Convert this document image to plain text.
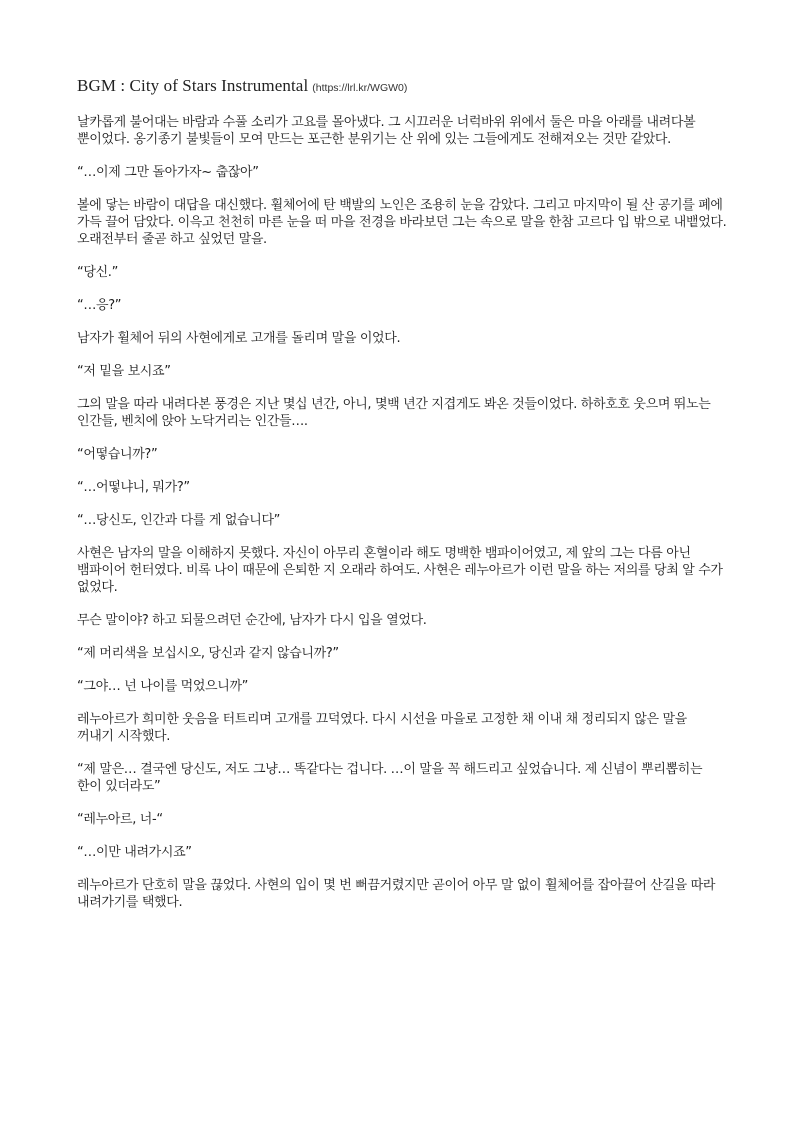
BGM : City of Stars Instrumental (https://lrl.kr/WGW0)

날카롭게 불어대는 바람과 수풀 소리가 고요를 몰아냈다. 그 시끄러운 너럭바위 위에서 둘은 마을 아래를 내려다볼 뿐이었다. 옹기종기 불빛들이 모여 만드는 포근한 분위기는 산 위에 있는 그들에게도 전해져오는 것만 같았다.

“…이제 그만 돌아가자~ 춥잖아”

볼에 닿는 바람이 대답을 대신했다. 휠체어에 탄 백발의 노인은 조용히 눈을 감았다. 그리고 마지막이 될 산 공기를 폐에 가득 끌어 담았다. 이윽고 천천히 마른 눈을 떠 마을 전경을 바라보던 그는 속으로 말을 한참 고르다 입 밖으로 내뱉었다. 오래전부터 줄곧 하고 싶었던 말을.

“당신.”

“…응?”

남자가 휠체어 뒤의 사현에게로 고개를 돌리며 말을 이었다.

“저 밑을 보시죠”

그의 말을 따라 내려다본 풍경은 지난 몇십 년간, 아니, 몇백 년간 지겹게도 봐온 것들이었다. 하하호호 웃으며 뛰노는 인간들, 벤치에 앉아 노닥거리는 인간들….

“어떻습니까?”

“…어떻냐니, 뭐가?”

“…당신도, 인간과 다를 게 없습니다”

사현은 남자의 말을 이해하지 못했다. 자신이 아무리 혼혈이라 해도 명백한 뱀파이어였고, 제 앞의 그는 다름 아닌 뱀파이어 헌터였다. 비록 나이 때문에 은퇴한 지 오래라 하여도. 사현은 레누아르가 이런 말을 하는 저의를 당최 알 수가 없었다.

무슨 말이야? 하고 되물으려던 순간에, 남자가 다시 입을 열었다.

“제 머리색을 보십시오, 당신과 같지 않습니까?”

“그야… 넌 나이를 먹었으니까”

레누아르가 희미한 웃음을 터트리며 고개를 끄덕였다. 다시 시선을 마을로 고정한 채 이내 채 정리되지 않은 말을 꺼내기 시작했다.

“제 말은… 결국엔 당신도, 저도 그냥… 똑같다는 겁니다. …이 말을 꼭 해드리고 싶었습니다. 제 신념이 뿌리뽑히는 한이 있더라도”

“레누아르, 너-“

“…이만 내려가시죠”

레누아르가 단호히 말을 끊었다. 사현의 입이 몇 번 뻐끔거렸지만 곧이어 아무 말 없이 휠체어를 잡아끌어 산길을 따라 내려가기를 택했다.
